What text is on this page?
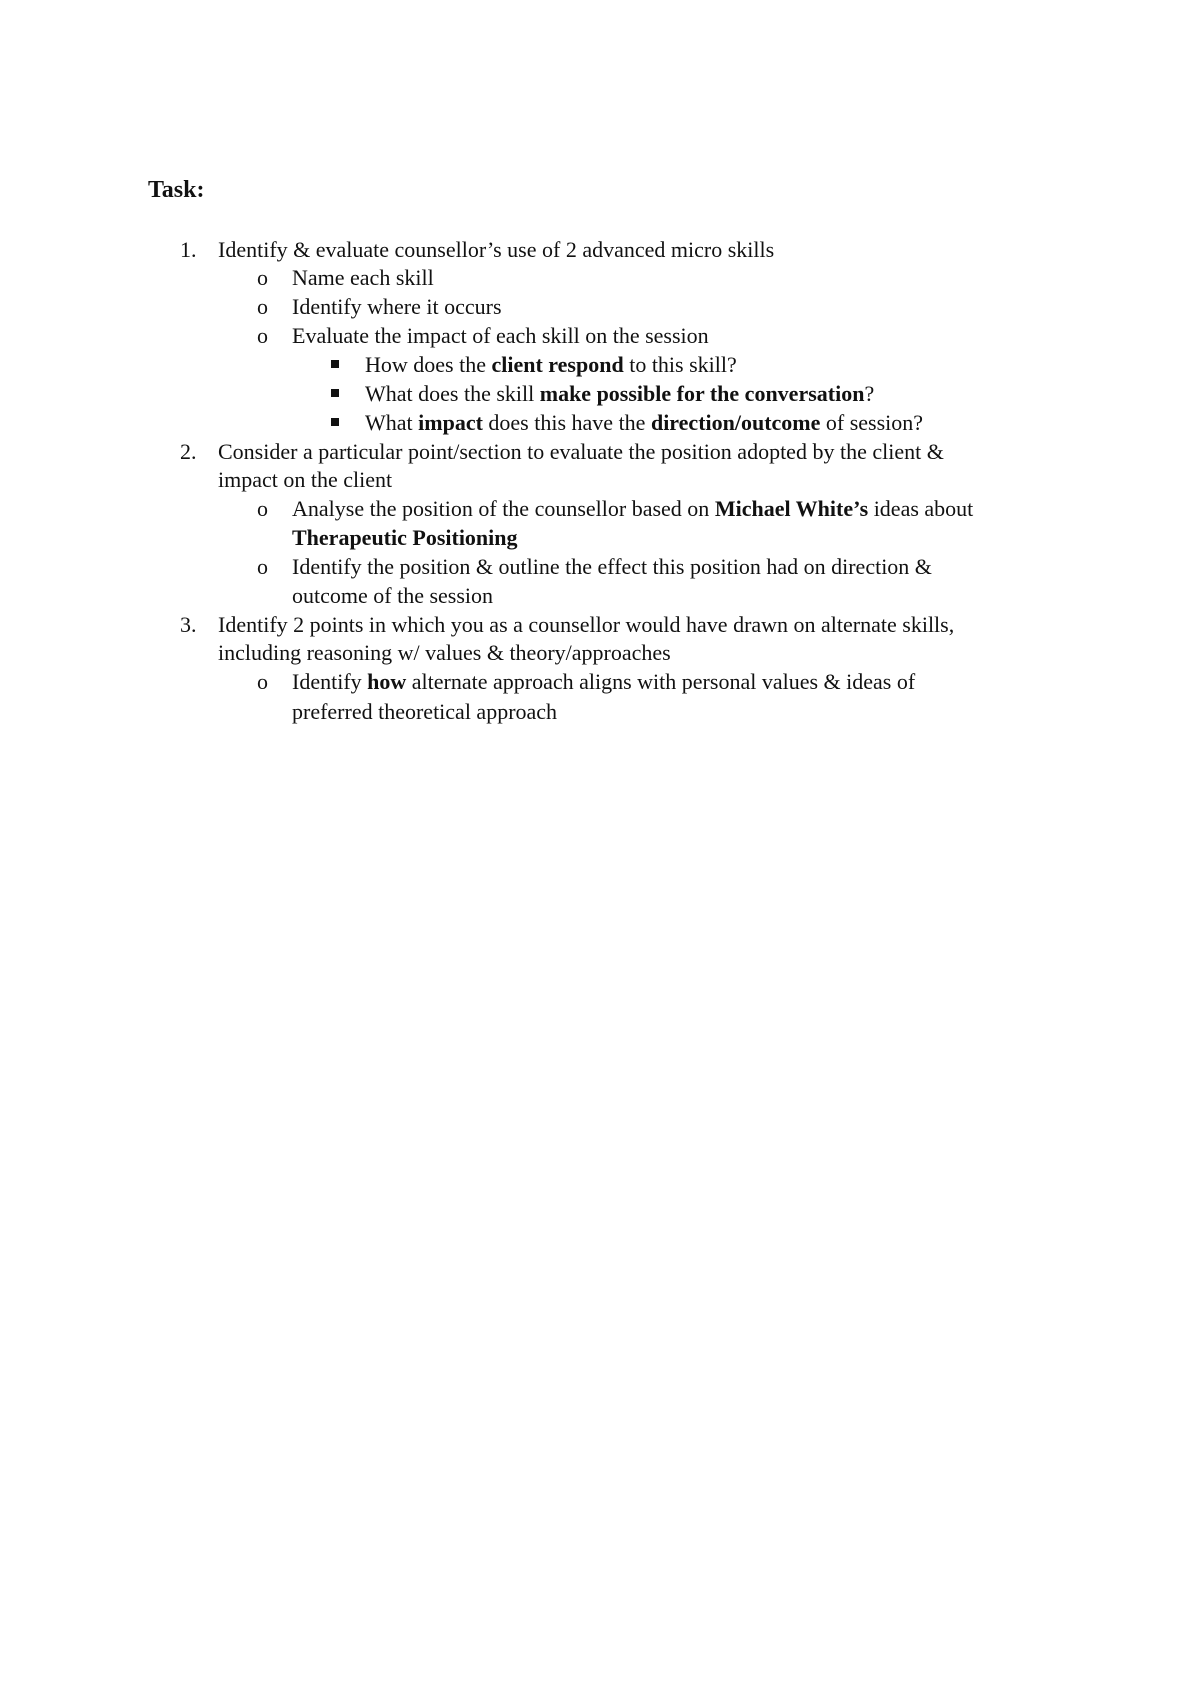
Task:
1. Identify & evaluate counsellor’s use of 2 advanced micro skills

o Name each skill

o Identify where it occurs

o Evaluate the impact of each skill on the session

How does the client respond to this skill?

What does the skill make possible for the conversation?

What impact does this have the direction/outcome of session?

2. Consider a particular point/section to evaluate the position adopted by the client &

impact on the client

o Analyse the position of the counsellor based on Michael White’s ideas about

Therapeutic Positioning

o Identify the position & outline the effect this position had on direction &

outcome of the session

3. Identify 2 points in which you as a counsellor would have drawn on alternate skills,

including reasoning w/ values & theory/approaches

o Identify how alternate approach aligns with personal values & ideas of

preferred theoretical approach
